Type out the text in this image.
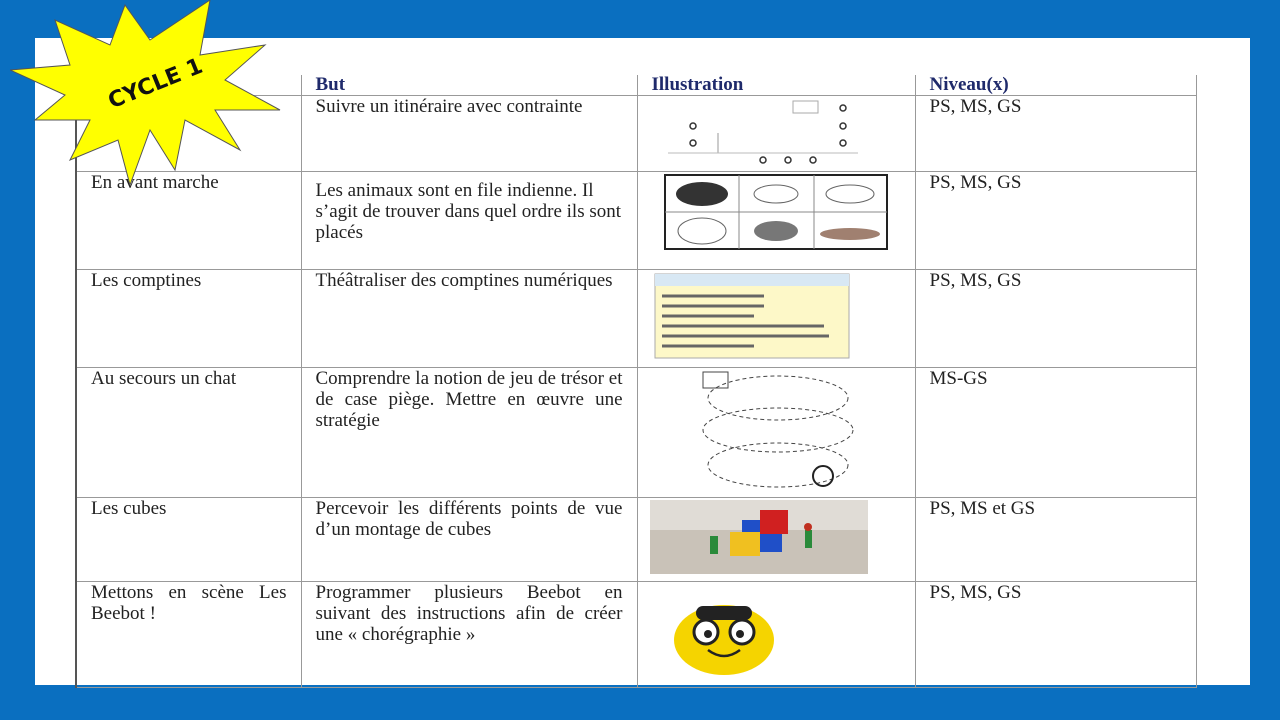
	But	Illustration	Niveau(x)
	Suivre un itinéraire avec contrainte		PS, MS, GS
En avant marche	Les animaux sont en file indienne. Il s’agit de trouver dans quel ordre ils sont placés		PS, MS, GS
Les comptines	Théâtraliser des comptines numériques		PS, MS, GS
Au secours un chat	Comprendre la notion de jeu de trésor et de case piège. Mettre en œuvre une stratégie		MS-GS
Les cubes	Percevoir les différents points de vue d’un montage de cubes		PS, MS et GS
Mettons en scène Les Beebot !	Programmer plusieurs Beebot en suivant des instructions afin de créer une « chorégraphie »		PS, MS, GS
CYCLE 1
